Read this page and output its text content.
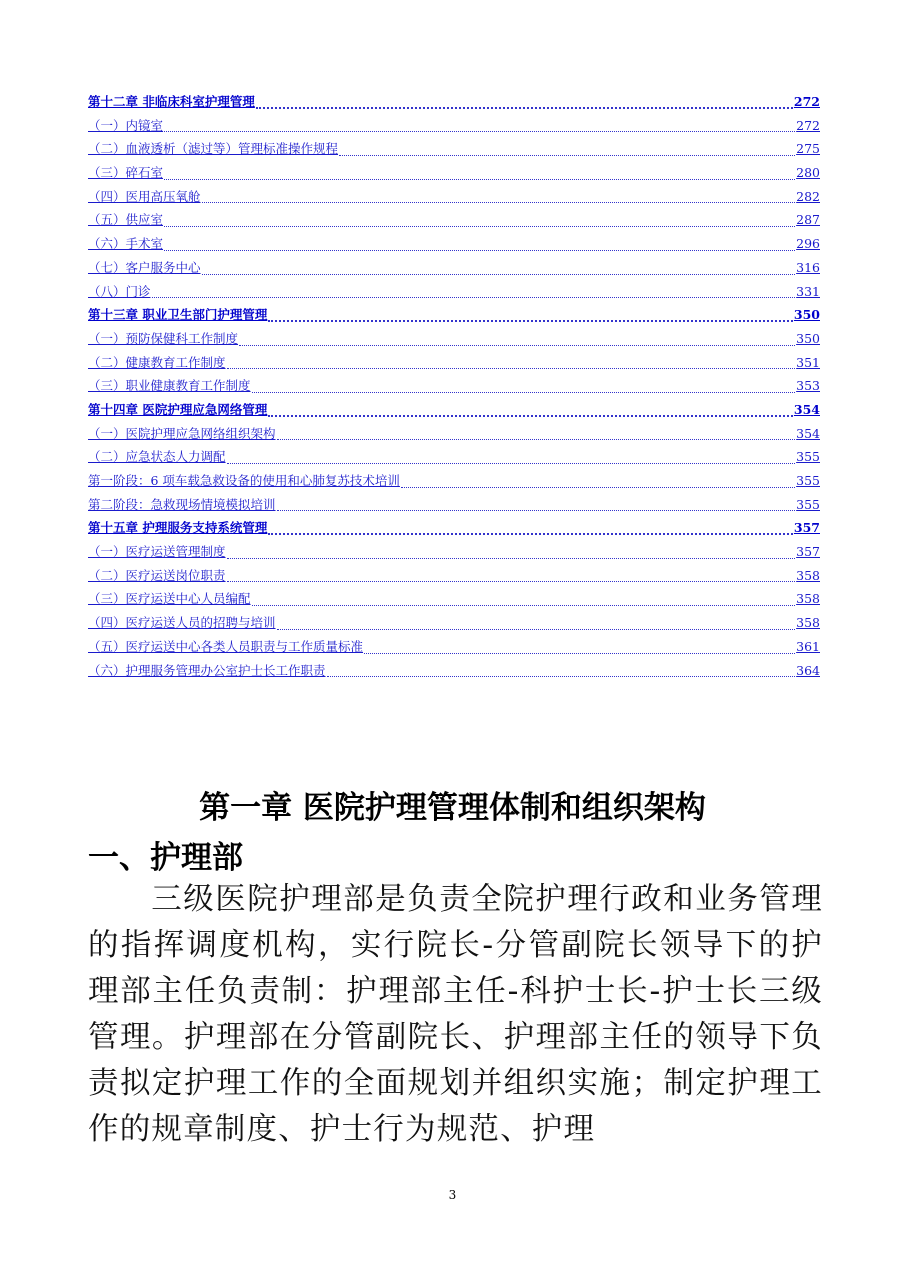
第十二章 非临床科室护理管理	272
（一）内镜室	272
（二）血液透析（滤过等）管理标准操作规程	275
（三）碎石室	280
（四）医用高压氧舱	282
（五）供应室	287
（六）手术室	296
（七）客户服务中心	316
（八）门诊	331
第十三章 职业卫生部门护理管理	350
（一）预防保健科工作制度	350
（二）健康教育工作制度	351
（三）职业健康教育工作制度	353
第十四章 医院护理应急网络管理	354
（一）医院护理应急网络组织架构	354
（二）应急状态人力调配	355
第一阶段：6 项车载急救设备的使用和心肺复苏技术培训	355
第二阶段：急救现场情境模拟培训	355
第十五章 护理服务支持系统管理	357
（一）医疗运送管理制度	357
（二）医疗运送岗位职责	358
（三）医疗运送中心人员编配	358
（四）医疗运送人员的招聘与培训	358
（五）医疗运送中心各类人员职责与工作质量标准	361
（六）护理服务管理办公室护士长工作职责	364
第一章 医院护理管理体制和组织架构
一、护理部
三级医院护理部是负责全院护理行政和业务管理的指挥调度机构，实行院长-分管副院长领导下的护理部主任负责制：护理部主任-科护士长-护士长三级管理。护理部在分管副院长、护理部主任的领导下负责拟定护理工作的全面规划并组织实施；制定护理工作的规章制度、护士行为规范、护理
3
